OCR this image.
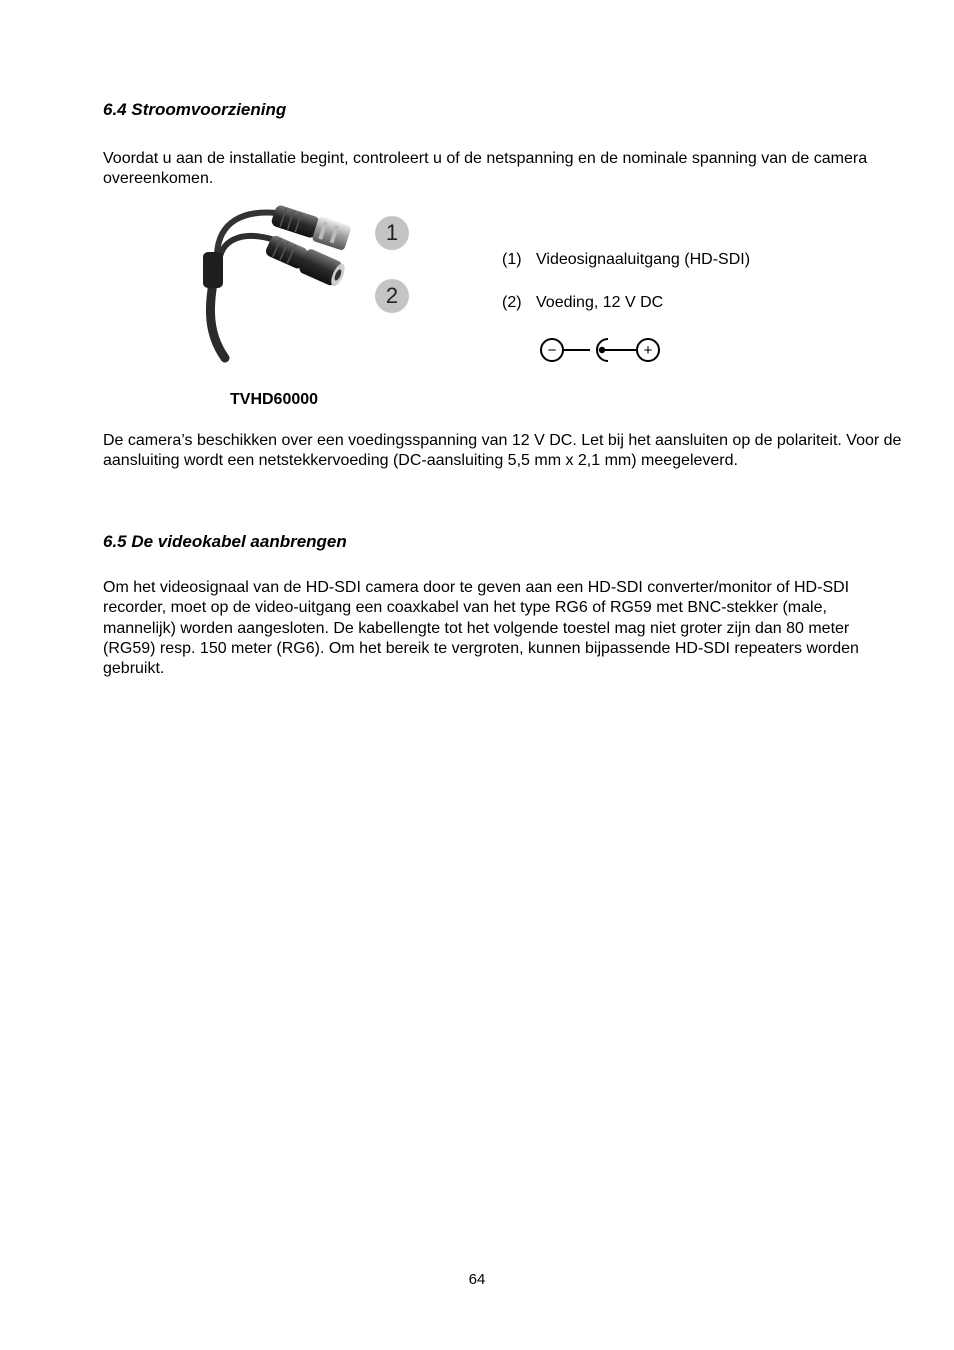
6.4 Stroomvoorziening
Voordat u aan de installatie begint, controleert u of de netspanning en de nominale spanning van de camera overeenkomen.
1
2
(1) Videosignaaluitgang (HD-SDI)
(2) Voeding, 12 V DC
−	+
TVHD60000
De camera’s beschikken over een voedingsspanning van 12 V DC. Let bij het aansluiten op de polariteit. Voor de aansluiting wordt een netstekkervoeding (DC-aansluiting 5,5 mm x 2,1 mm) meegeleverd.
6.5 De videokabel aanbrengen
Om het videosignaal van de HD-SDI camera door te geven aan een HD-SDI converter/monitor of HD-SDI recorder, moet op de video-uitgang een coaxkabel van het type RG6 of RG59 met BNC-stekker (male, mannelijk) worden aangesloten. De kabellengte tot het volgende toestel mag niet groter zijn dan 80 meter (RG59) resp. 150 meter (RG6). Om het bereik te vergroten, kunnen bijpassende HD-SDI repeaters worden gebruikt.
64
